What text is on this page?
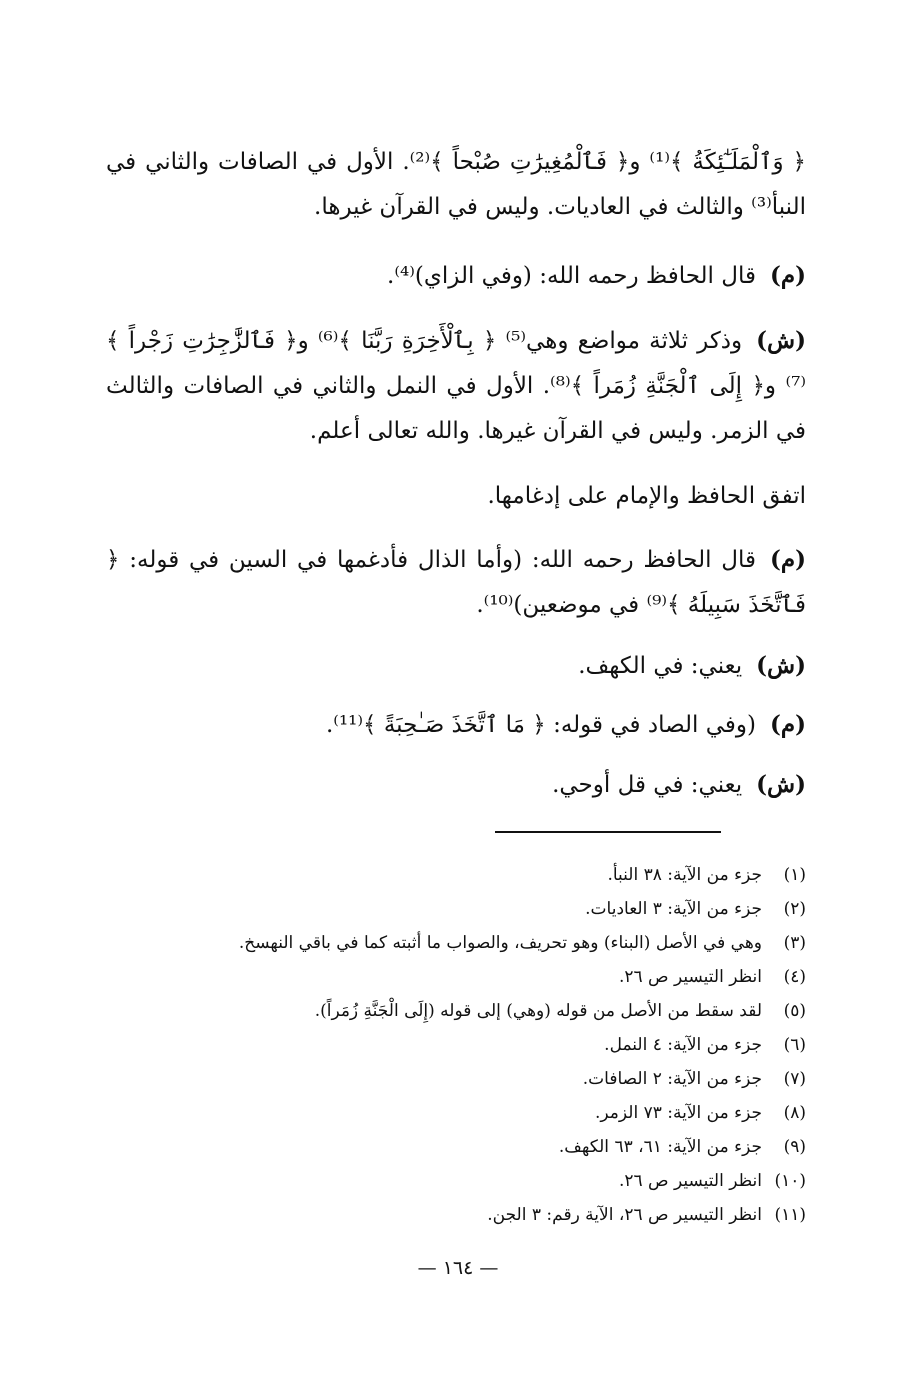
﴿ وَٱلْمَلَـٰٓئِكَةُ ﴾⁽¹⁾ و﴿ فَٱلْمُغِيرَٰتِ صُبْحاً ﴾⁽²⁾. الأول في الصافات والثاني في النبأ⁽³⁾ والثالث في العاديات. وليس في القرآن غيرها.

(م)قال الحافظ رحمه الله: (وفي الزاي)⁽⁴⁾.

(ش)وذكر ثلاثة مواضع وهي⁽⁵⁾ ﴿ بِٱلْأَخِرَةِ رَبَّنَا ﴾⁽⁶⁾ و﴿ فَٱلزَّٰجِرَٰتِ زَجْراً ﴾⁽⁷⁾ و﴿ إِلَى ٱلْجَنَّةِ زُمَراً ﴾⁽⁸⁾. الأول في النمل والثاني في الصافات والثالث في الزمر. وليس في القرآن غيرها. والله تعالى أعلم.

اتفق الحافظ والإمام على إدغامها.

(م)قال الحافظ رحمه الله: (وأما الذال فأدغمها في السين في قوله: ﴿ فَٱتَّخَذَ سَبِيلَهُ ﴾⁽⁹⁾ في موضعين)⁽¹⁰⁾.

(ش)يعني: في الكهف.

(م)(وفي الصاد في قوله: ﴿ مَا ٱتَّخَذَ صَـٰحِبَةً ﴾⁽¹¹⁾.

(ش)يعني: في قل أوحي.

(١)جزء من الآية: ٣٨ النبأ.
(٢)جزء من الآية: ٣ العاديات.
(٣)وهي في الأصل (البناء) وهو تحريف، والصواب ما أثبته كما في باقي النهسخ.
(٤)انظر التيسير ص ٢٦.
(٥)لقد سقط من الأصل من قوله (وهي) إلى قوله (إِلَى الْجَنَّةِ زُمَراً).
(٦)جزء من الآية: ٤ النمل.
(٧)جزء من الآية: ٢ الصافات.
(٨)جزء من الآية: ٧٣ الزمر.
(٩)جزء من الآية: ٦١، ٦٣ الكهف.
(١٠)انظر التيسير ص ٢٦.
(١١)انظر التيسير ص ٢٦، الآية رقم: ٣ الجن.
— ١٦٤ —
